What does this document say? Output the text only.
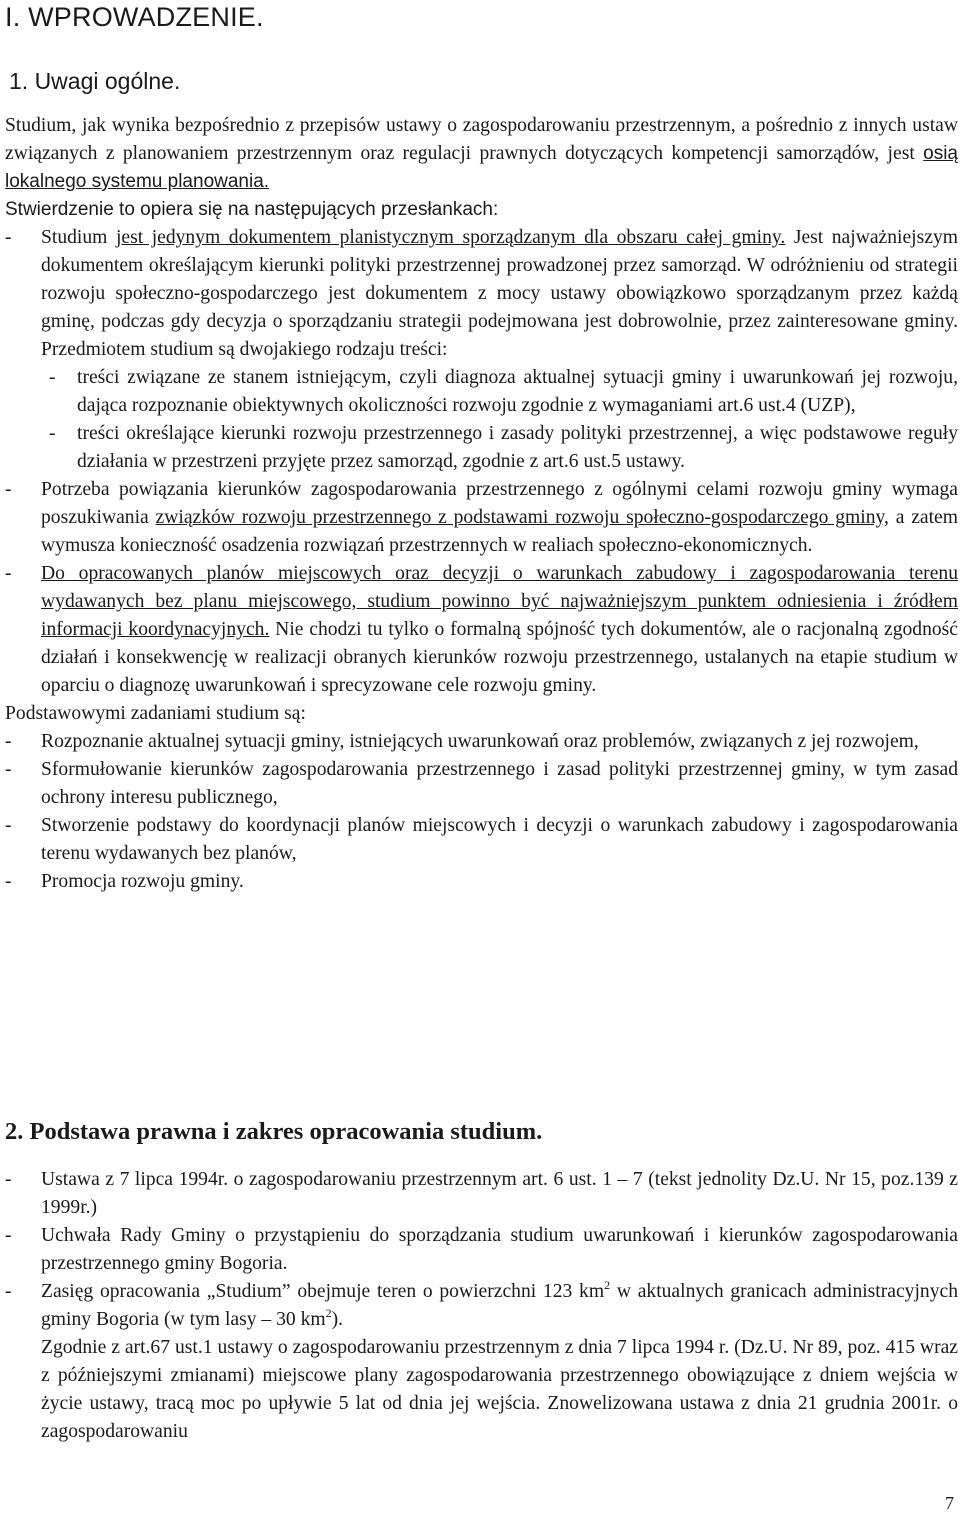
I. WPROWADZENIE.
1. Uwagi ogólne.

Studium, jak wynika bezpośrednio z przepisów ustawy o zagospodarowaniu przestrzennym, a pośrednio z innych ustaw związanych z planowaniem przestrzennym oraz regulacji prawnych dotyczących kompetencji samorządów, jest osią lokalnego systemu planowania.

Stwierdzenie to opiera się na następujących przesłankach:

- Studium jest jedynym dokumentem planistycznym sporządzanym dla obszaru całej gminy. Jest najważniejszym dokumentem określającym kierunki polityki przestrzennej prowadzonej przez samorząd. W odróżnieniu od strategii rozwoju społeczno-gospodarczego jest dokumentem z mocy ustawy obowiązkowo sporządzanym przez każdą gminę, podczas gdy decyzja o sporządzaniu strategii podejmowana jest dobrowolnie, przez zainteresowane gminy. Przedmiotem studium są dwojakiego rodzaju treści:
- treści związane ze stanem istniejącym, czyli diagnoza aktualnej sytuacji gminy i uwarunkowań jej rozwoju, dająca rozpoznanie obiektywnych okoliczności rozwoju zgodnie z wymaganiami art.6 ust.4 (UZP),
- treści określające kierunki rozwoju przestrzennego i zasady polityki przestrzennej, a więc podstawowe reguły działania w przestrzeni przyjęte przez samorząd, zgodnie z art.6 ust.5 ustawy.
- Potrzeba powiązania kierunków zagospodarowania przestrzennego z ogólnymi celami rozwoju gminy wymaga poszukiwania związków rozwoju przestrzennego z podstawami rozwoju społeczno-gospodarczego gminy, a zatem wymusza konieczność osadzenia rozwiązań przestrzennych w realiach społeczno-ekonomicznych.
- Do opracowanych planów miejscowych oraz decyzji o warunkach zabudowy i zagospodarowania terenu wydawanych bez planu miejscowego, studium powinno być najważniejszym punktem odniesienia i źródłem informacji koordynacyjnych. Nie chodzi tu tylko o formalną spójność tych dokumentów, ale o racjonalną zgodność działań i konsekwencję w realizacji obranych kierunków rozwoju przestrzennego, ustalanych na etapie studium w oparciu o diagnozę uwarunkowań i sprecyzowane cele rozwoju gminy.

Podstawowymi zadaniami studium są:

- Rozpoznanie aktualnej sytuacji gminy, istniejących uwarunkowań oraz problemów, związanych z jej rozwojem,
- Sformułowanie kierunków zagospodarowania przestrzennego i zasad polityki przestrzennej gminy, w tym zasad ochrony interesu publicznego,
- Stworzenie podstawy do koordynacji planów miejscowych i decyzji o warunkach zabudowy i zagospodarowania terenu wydawanych bez planów,
- Promocja rozwoju gminy.
2. Podstawa prawna i zakres opracowania studium.
- Ustawa z 7 lipca 1994r. o zagospodarowaniu przestrzennym art. 6 ust. 1 – 7 (tekst jednolity Dz.U. Nr 15, poz.139 z 1999r.)
- Uchwała Rady Gminy o przystąpieniu do sporządzania studium uwarunkowań i kierunków zagospodarowania przestrzennego gminy Bogoria.
- Zasięg opracowania „Studium” obejmuje teren o powierzchni 123 $km^2$ w aktualnych granicach administracyjnych gminy Bogoria (w tym lasy – 30 $km^2$).
Zgodnie z art.67 ust.1 ustawy o zagospodarowaniu przestrzennym z dnia 7 lipca 1994 r. (Dz.U. Nr 89, poz. 415 wraz z późniejszymi zmianami) miejscowe plany zagospodarowania przestrzennego obowiązujące z dniem wejścia w życie ustawy, tracą moc po upływie 5 lat od dnia jej wejścia. Znowelizowana ustawa z dnia 21 grudnia 2001r. o zagospodarowaniu
7
